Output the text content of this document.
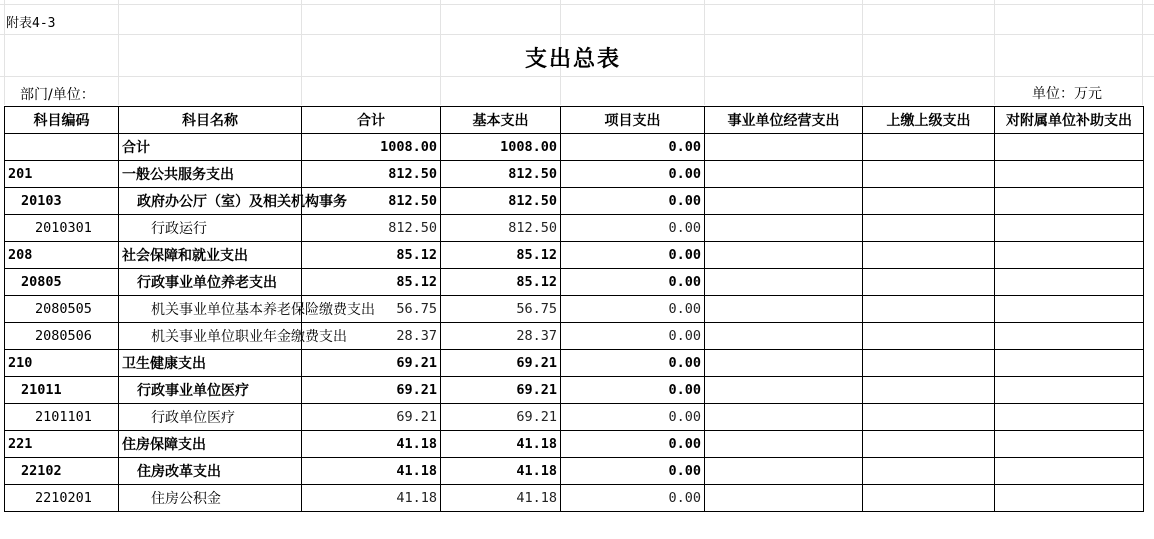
附表4-3
支出总表
部门/单位：	单位：万元
科目编码	科目名称	合计	基本支出	项目支出	事业单位经营支出	上缴上级支出	对附属单位补助支出
	合计	1008.00	1008.00	0.00			
201	一般公共服务支出	812.50	812.50	0.00			
20103	政府办公厅（室）及相关机构事务	812.50	812.50	0.00			
2010301	行政运行	812.50	812.50	0.00			
208	社会保障和就业支出	85.12	85.12	0.00			
20805	行政事业单位养老支出	85.12	85.12	0.00			
2080505	机关事业单位基本养老保险缴费支出	56.75	56.75	0.00			
2080506	机关事业单位职业年金缴费支出	28.37	28.37	0.00			
210	卫生健康支出	69.21	69.21	0.00			
21011	行政事业单位医疗	69.21	69.21	0.00			
2101101	行政单位医疗	69.21	69.21	0.00			
221	住房保障支出	41.18	41.18	0.00			
22102	住房改革支出	41.18	41.18	0.00			
2210201	住房公积金	41.18	41.18	0.00			
